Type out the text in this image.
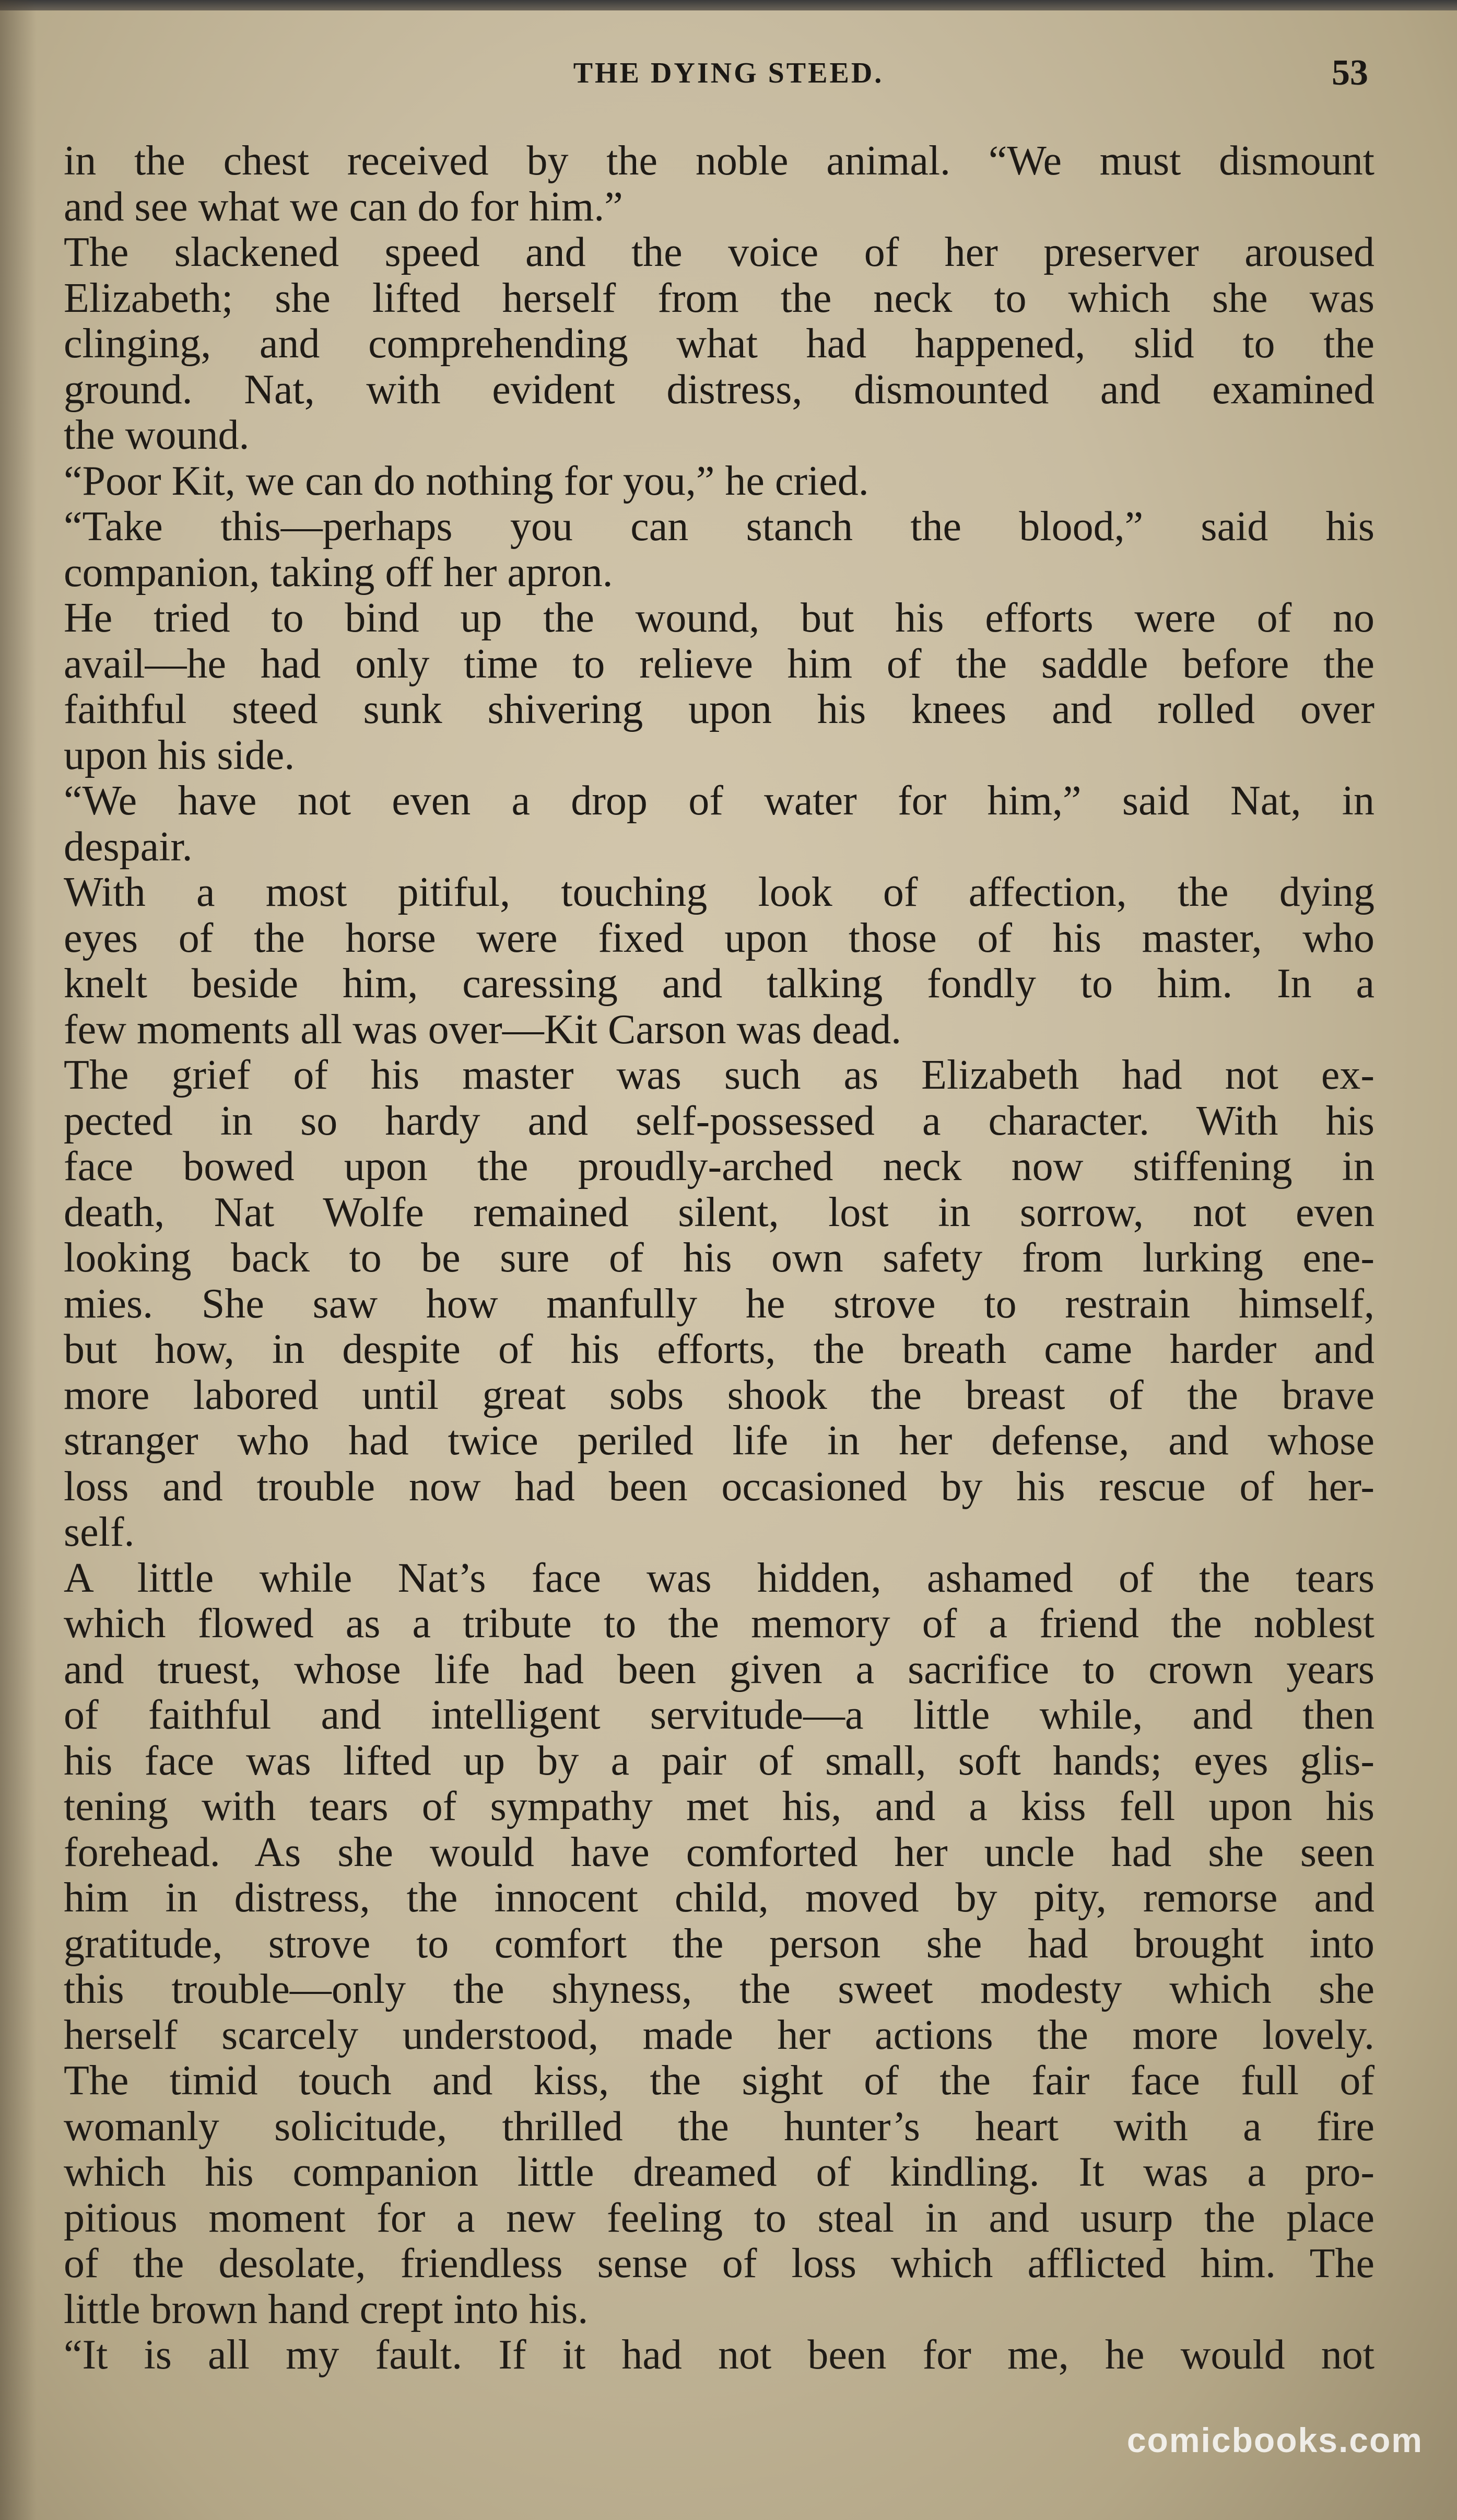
THE DYING STEED.	53
in the chest received by the noble animal. “We must dismount
and see what we can do for him.”
The slackened speed and the voice of her preserver aroused
Elizabeth; she lifted herself from the neck to which she was
clinging, and comprehending what had happened, slid to the
ground. Nat, with evident distress, dismounted and examined
the wound.
“Poor Kit, we can do nothing for you,” he cried.
“Take this—perhaps you can stanch the blood,” said his
companion, taking off her apron.
He tried to bind up the wound, but his efforts were of no
avail—he had only time to relieve him of the saddle before the
faithful steed sunk shivering upon his knees and rolled over
upon his side.
“We have not even a drop of water for him,” said Nat, in
despair.
With a most pitiful, touching look of affection, the dying
eyes of the horse were fixed upon those of his master, who
knelt beside him, caressing and talking fondly to him. In a
few moments all was over—Kit Carson was dead.
The grief of his master was such as Elizabeth had not ex-
pected in so hardy and self-possessed a character. With his
face bowed upon the proudly-arched neck now stiffening in
death, Nat Wolfe remained silent, lost in sorrow, not even
looking back to be sure of his own safety from lurking ene-
mies. She saw how manfully he strove to restrain himself,
but how, in despite of his efforts, the breath came harder and
more labored until great sobs shook the breast of the brave
stranger who had twice periled life in her defense, and whose
loss and trouble now had been occasioned by his rescue of her-
self.
A little while Nat’s face was hidden, ashamed of the tears
which flowed as a tribute to the memory of a friend the noblest
and truest, whose life had been given a sacrifice to crown years
of faithful and intelligent servitude—a little while, and then
his face was lifted up by a pair of small, soft hands; eyes glis-
tening with tears of sympathy met his, and a kiss fell upon his
forehead. As she would have comforted her uncle had she seen
him in distress, the innocent child, moved by pity, remorse and
gratitude, strove to comfort the person she had brought into
this trouble—only the shyness, the sweet modesty which she
herself scarcely understood, made her actions the more lovely.
The timid touch and kiss, the sight of the fair face full of
womanly solicitude, thrilled the hunter’s heart with a fire
which his companion little dreamed of kindling. It was a pro-
pitious moment for a new feeling to steal in and usurp the place
of the desolate, friendless sense of loss which afflicted him. The
little brown hand crept into his.
“It is all my fault. If it had not been for me, he would not
comicbooks.com
